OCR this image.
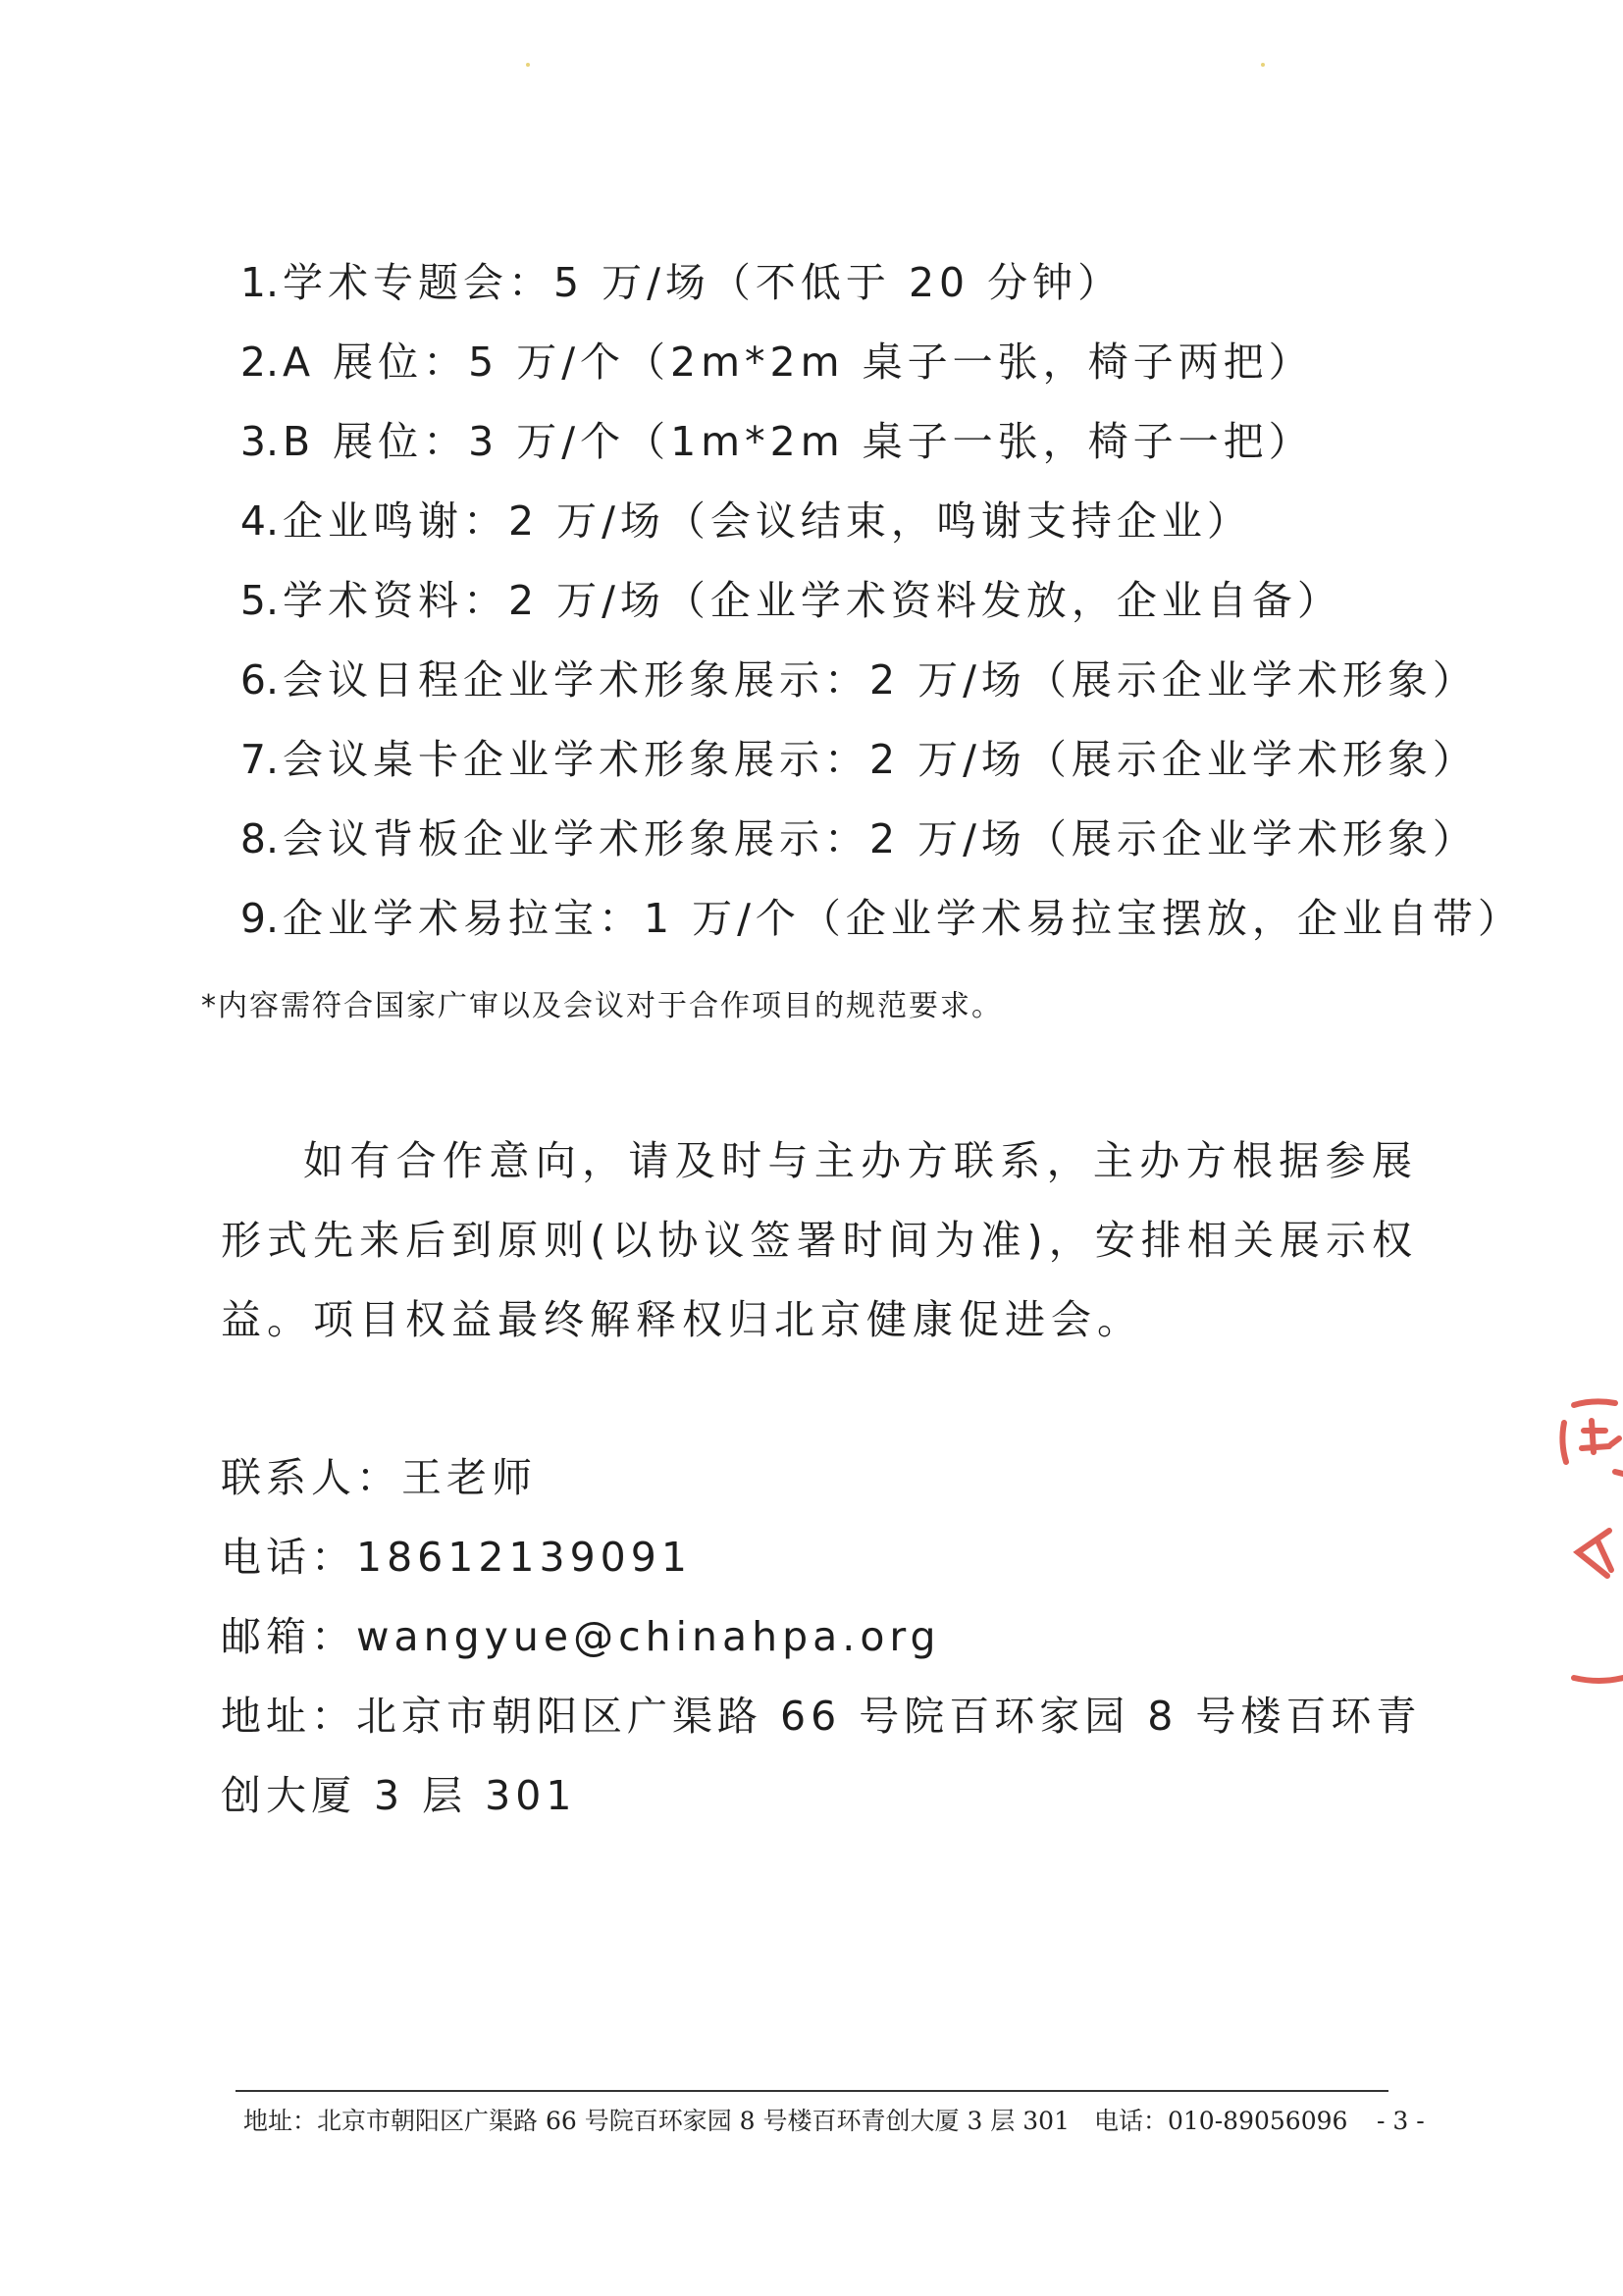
1. 学术专题会：5 万/场（不低于 20 分钟）
2. A 展位：5 万/个（2m*2m 桌子一张，椅子两把）
3. B 展位：3 万/个（1m*2m 桌子一张，椅子一把）
4. 企业鸣谢：2 万/场（会议结束，鸣谢支持企业）
5. 学术资料：2 万/场（企业学术资料发放，企业自备）
6. 会议日程企业学术形象展示：2 万/场（展示企业学术形象）
7. 会议桌卡企业学术形象展示：2 万/场（展示企业学术形象）
8. 会议背板企业学术形象展示：2 万/场（展示企业学术形象）
9. 企业学术易拉宝：1 万/个（企业学术易拉宝摆放，企业自带）
*内容需符合国家广审以及会议对于合作项目的规范要求。

如有合作意向，请及时与主办方联系，主办方根据参展形式先来后到原则(以协议签署时间为准)，安排相关展示权益。项目权益最终解释权归北京健康促进会。

联系人：王老师
电话：18612139091
邮箱：wangyue@chinahpa.org
地址：北京市朝阳区广渠路 66 号院百环家园 8 号楼百环青创大厦 3 层 301
地址：北京市朝阳区广渠路 66 号院百环家园 8 号楼百环青创大厦 3 层 301 电话：010-89056096 - 3 -
